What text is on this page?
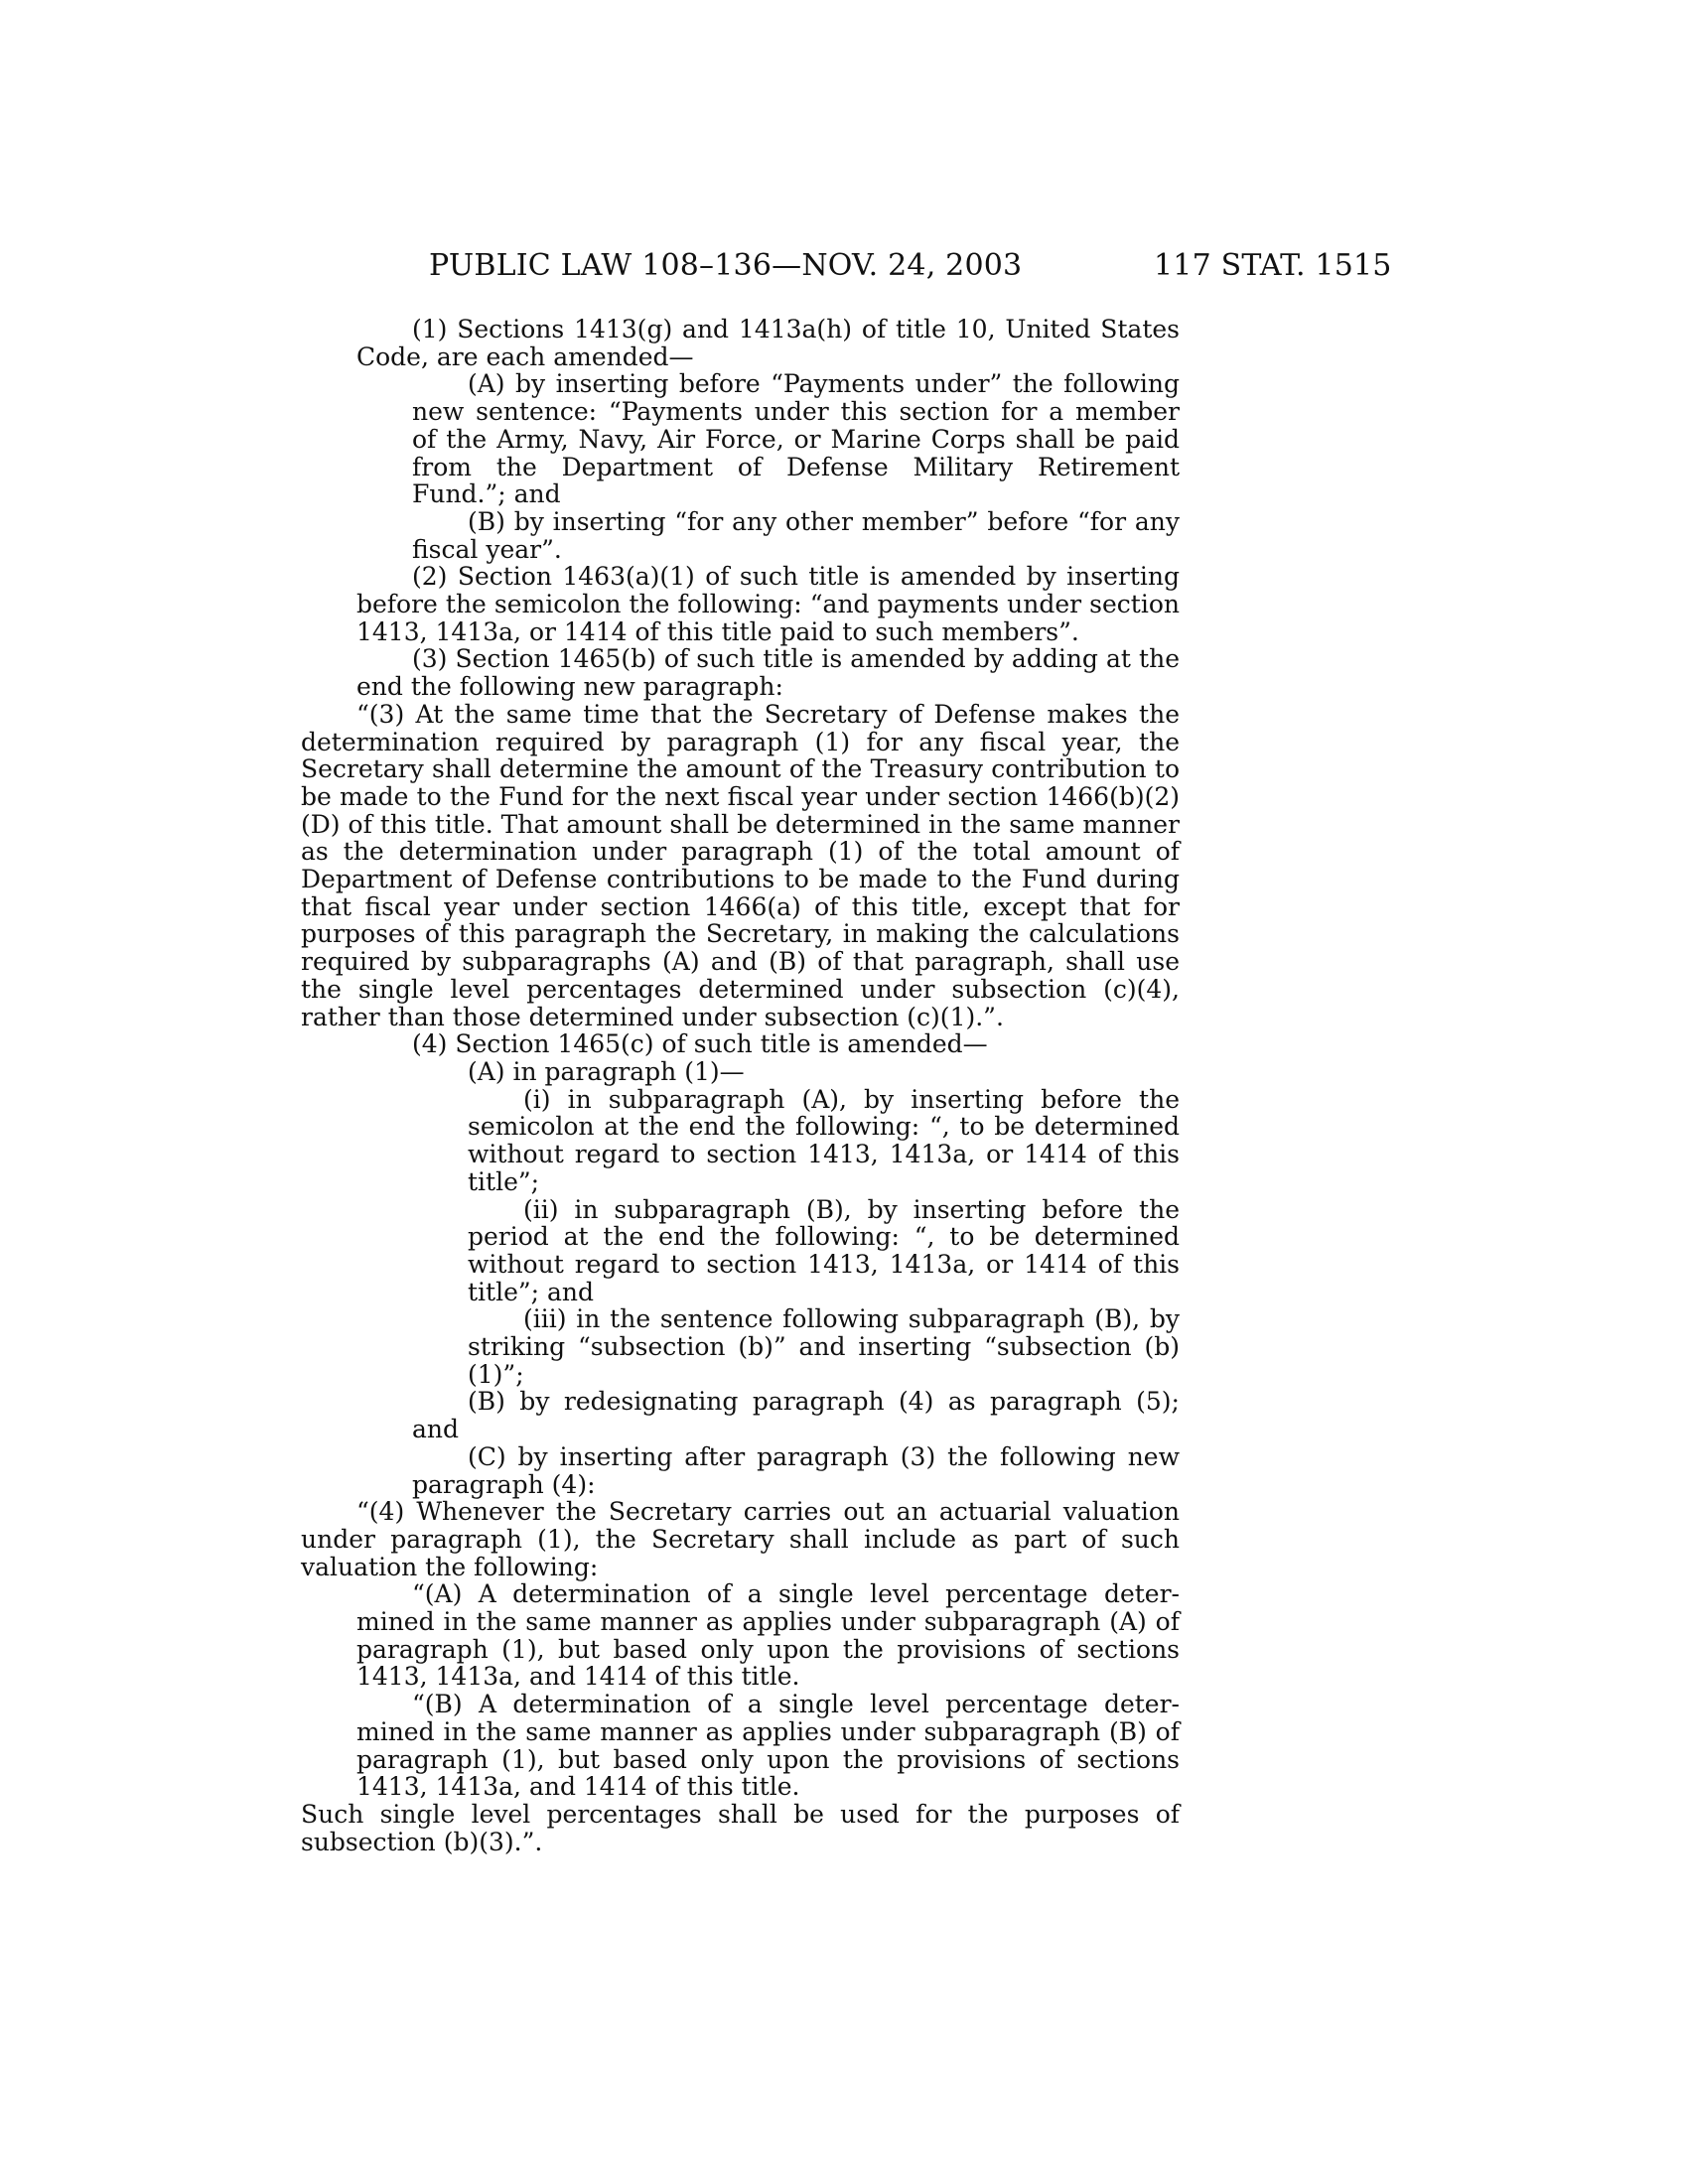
PUBLIC LAW 108–136—NOV. 24, 2003	117 STAT. 1515

(1) Sections 1413(g) and 1413a(h) of title 10, United States Code, are each amended—

(A) by inserting before “Payments under” the following new sentence: “Payments under this section for a member of the Army, Navy, Air Force, or Marine Corps shall be paid from the Department of Defense Military Retirement Fund.”; and

(B) by inserting “for any other member” before “for any fiscal year”.

(2) Section 1463(a)(1) of such title is amended by inserting before the semicolon the following: “and payments under section 1413, 1413a, or 1414 of this title paid to such members”.

(3) Section 1465(b) of such title is amended by adding at the end the following new paragraph:

“(3) At the same time that the Secretary of Defense makes the determination required by paragraph (1) for any fiscal year, the Secretary shall determine the amount of the Treasury contribution to be made to the Fund for the next fiscal year under section 1466(b)(2)(D) of this title. That amount shall be determined in the same manner as the determination under paragraph (1) of the total amount of Department of Defense contributions to be made to the Fund during that fiscal year under section 1466(a) of this title, except that for purposes of this paragraph the Secretary, in making the calculations required by subparagraphs (A) and (B) of that paragraph, shall use the single level percentages determined under subsection (c)(4), rather than those determined under subsection (c)(1).”.

(4) Section 1465(c) of such title is amended—

(A) in paragraph (1)—

(i) in subparagraph (A), by inserting before the semicolon at the end the following: “, to be determined without regard to section 1413, 1413a, or 1414 of this title”;

(ii) in subparagraph (B), by inserting before the period at the end the following: “, to be determined without regard to section 1413, 1413a, or 1414 of this title”; and

(iii) in the sentence following subparagraph (B), by striking “subsection (b)” and inserting “subsection (b)(1)”;

(B) by redesignating paragraph (4) as paragraph (5); and

(C) by inserting after paragraph (3) the following new paragraph (4):

“(4) Whenever the Secretary carries out an actuarial valuation under paragraph (1), the Secretary shall include as part of such valuation the following:

“(A) A determination of a single level percentage determined in the same manner as applies under subparagraph (A) of paragraph (1), but based only upon the provisions of sections 1413, 1413a, and 1414 of this title.

“(B) A determination of a single level percentage determined in the same manner as applies under subparagraph (B) of paragraph (1), but based only upon the provisions of sections 1413, 1413a, and 1414 of this title.

Such single level percentages shall be used for the purposes of subsection (b)(3).”.
